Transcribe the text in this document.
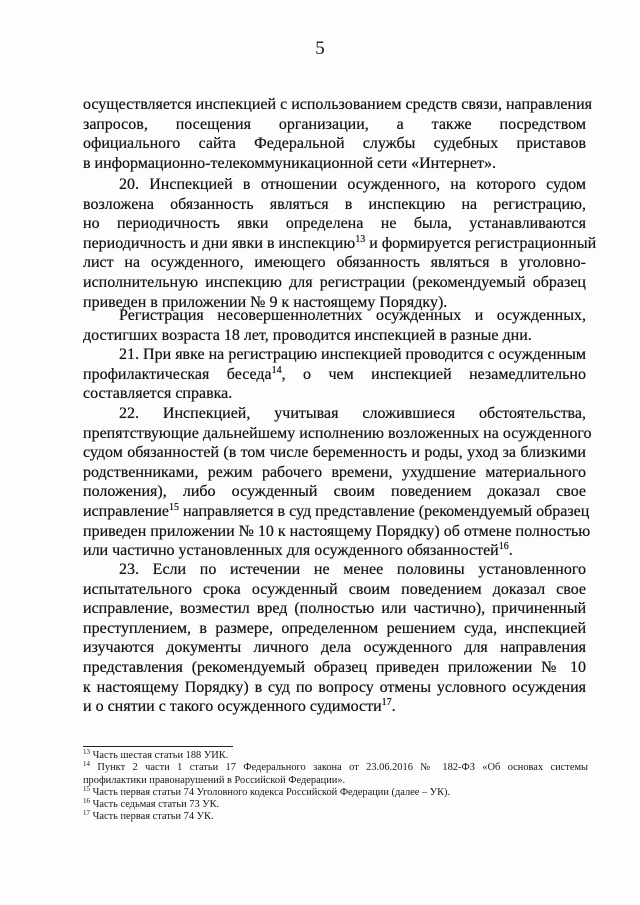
5
осуществляется инспекцией с использованием средств связи, направления
запросов, посещения организации, а также посредством
официального сайта Федеральной службы судебных приставов
в информационно-телекоммуникационной сети «Интернет».
20. Инспекцией в отношении осужденного, на которого судом
возложена обязанность являться в инспекцию на регистрацию,
но периодичность явки определена не была, устанавливаются
периодичность и дни явки в инспекцию$^{13}$ и формируется регистрационный
лист на осужденного, имеющего обязанность являться в уголовно-
исполнительную инспекцию для регистрации (рекомендуемый образец
приведен в приложении № 9 к настоящему Порядку).
Регистрация несовершеннолетних осужденных и осужденных,
достигших возраста 18 лет, проводится инспекцией в разные дни.
21. При явке на регистрацию инспекцией проводится с осужденным
профилактическая беседа$^{14}$, о чем инспекцией незамедлительно
составляется справка.
22. Инспекцией, учитывая сложившиеся обстоятельства,
препятствующие дальнейшему исполнению возложенных на осужденного
судом обязанностей (в том числе беременность и роды, уход за близкими
родственниками, режим рабочего времени, ухудшение материального
положения), либо осужденный своим поведением доказал свое
исправление$^{15}$ направляется в суд представление (рекомендуемый образец
приведен приложении № 10 к настоящему Порядку) об отмене полностью
или частично установленных для осужденного обязанностей$^{16}$.
23. Если по истечении не менее половины установленного
испытательного срока осужденный своим поведением доказал свое
исправление, возместил вред (полностью или частично), причиненный
преступлением, в размере, определенном решением суда, инспекцией
изучаются документы личного дела осужденного для направления
представления (рекомендуемый образец приведен приложении № 10
к настоящему Порядку) в суд по вопросу отмены условного осуждения
и о снятии с такого осужденного судимости$^{17}$.
$^{13}$ Часть шестая статьи 188 УИК.
$^{14}$ Пункт 2 части 1 статьи 17 Федерального закона от 23.06.2016 № 182-ФЗ «Об основах системы
профилактики правонарушений в Российской Федерации».
$^{15}$ Часть первая статьи 74 Уголовного кодекса Российской Федерации (далее – УК).
$^{16}$ Часть седьмая статьи 73 УК.
$^{17}$ Часть первая статьи 74 УК.
